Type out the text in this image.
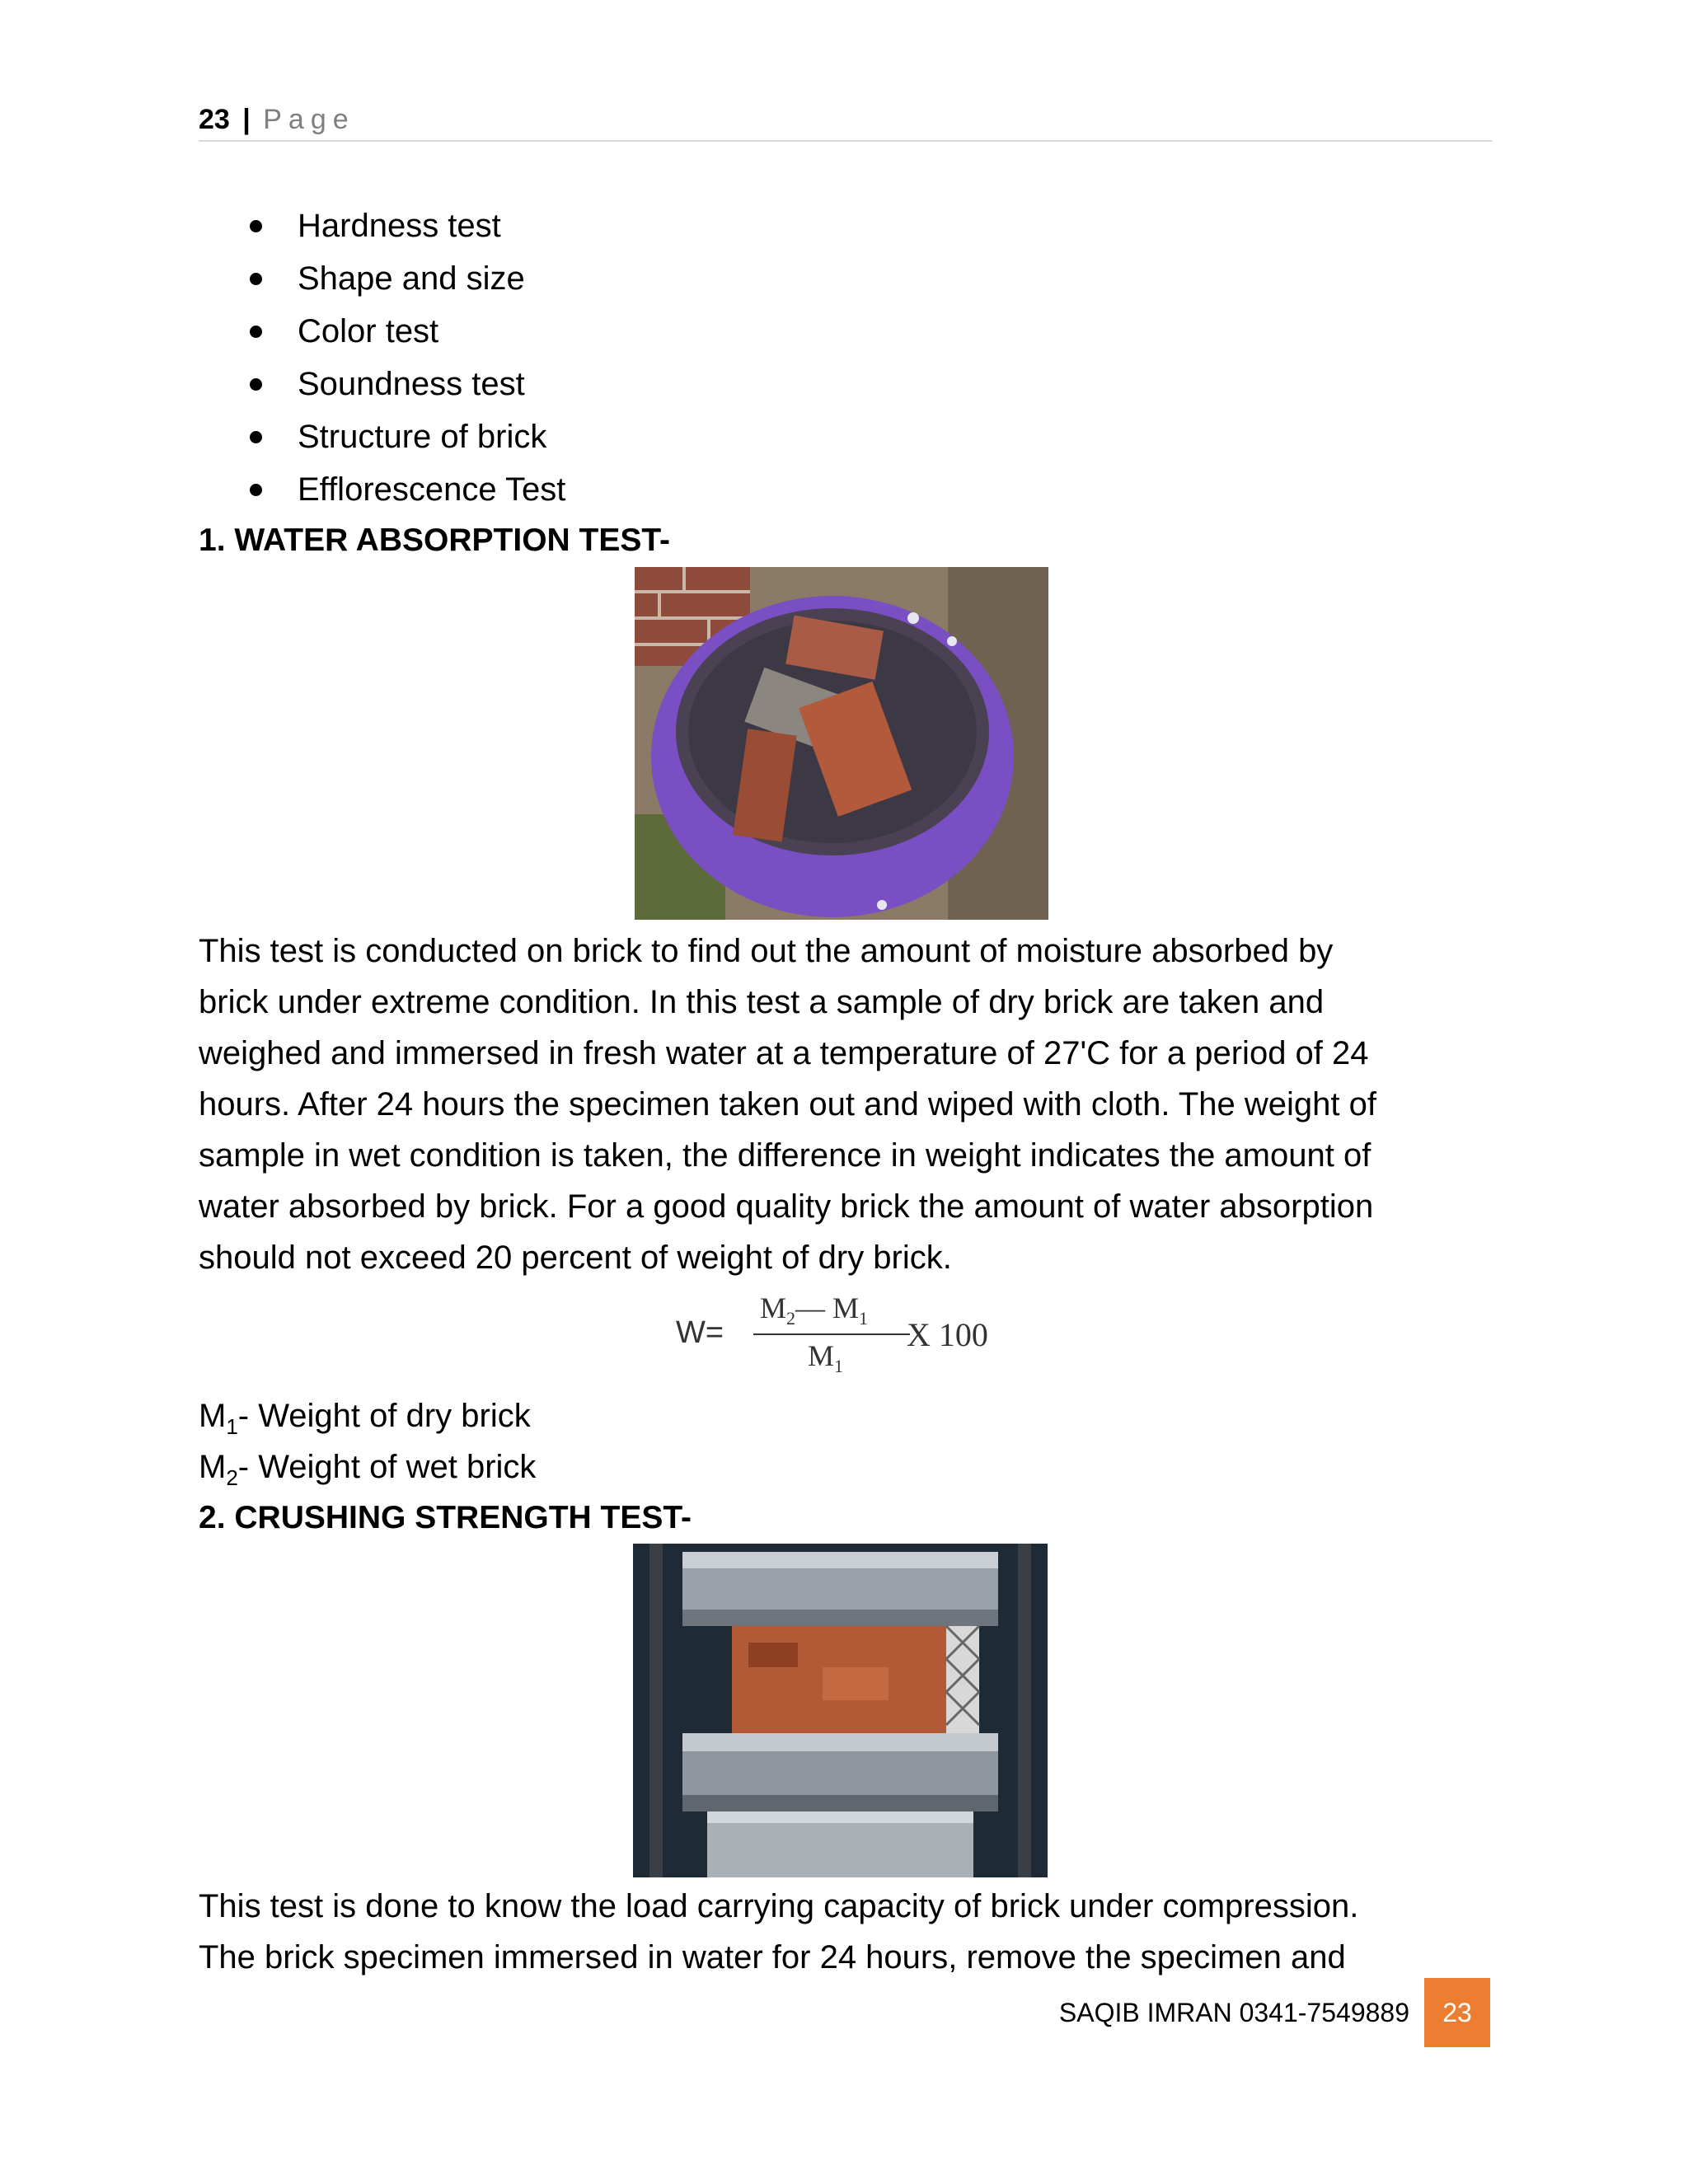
23 | Page
Hardness test
Shape and size
Color test
Soundness test
Structure of brick
Efflorescence Test
1. WATER ABSORPTION TEST-
This test is conducted on brick to find out the amount of moisture absorbed by
brick under extreme condition. In this test a sample of dry brick are taken and
weighed and immersed in fresh water at a temperature of 27'C for a period of 24
hours. After 24 hours the specimen taken out and wiped with cloth. The weight of
sample in wet condition is taken, the difference in weight indicates the amount of
water absorbed by brick. For a good quality brick the amount of water absorption
should not exceed 20 percent of weight of dry brick.
W=
$M_2—$ $M_1$
$M_1$
X 100
$M_1-$ Weight of dry brick
$M_2-$ Weight of wet brick
2. CRUSHING STRENGTH TEST-
This test is done to know the load carrying capacity of brick under compression.
The brick specimen immersed in water for 24 hours, remove the specimen and
SAQIB IMRAN 0341-7549889	23
